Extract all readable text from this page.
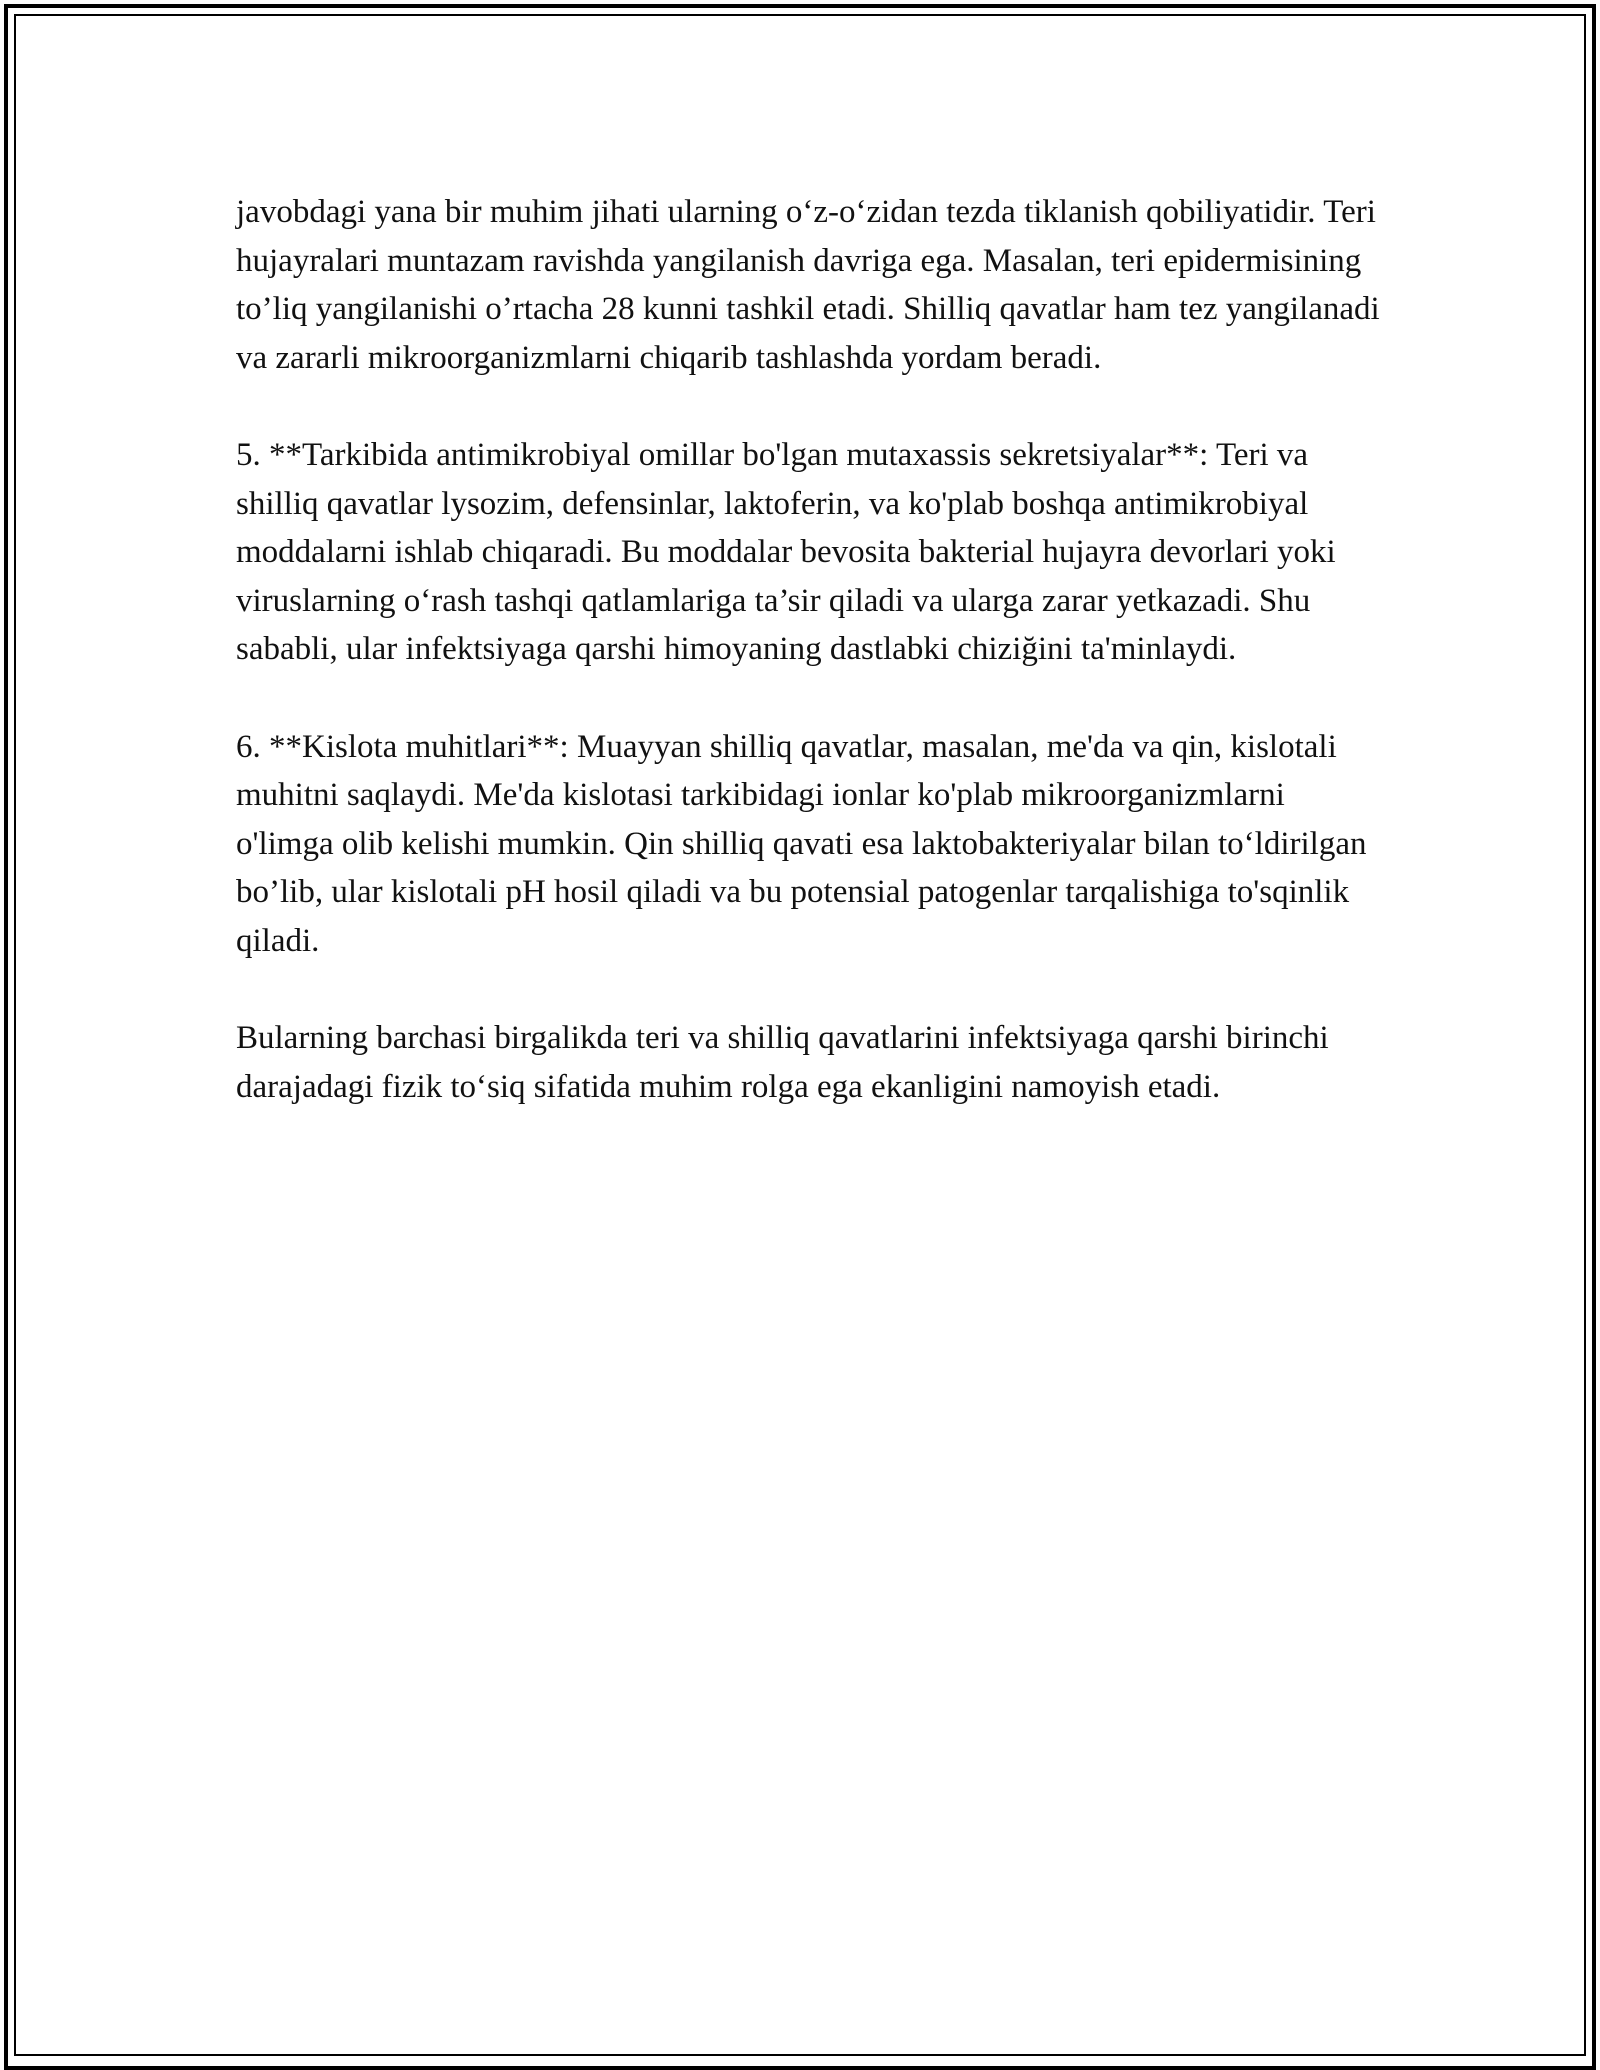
javobdagi yana bir muhim jihati ularning o‘z-o‘zidan tezda tiklanish qobiliyatidir. Teri hujayralari muntazam ravishda yangilanish davriga ega. Masalan, teri epidermisining to’liq yangilanishi o’rtacha 28 kunni tashkil etadi. Shilliq qavatlar ham tez yangilanadi va zararli mikroorganizmlarni chiqarib tashlashda yordam beradi.

5. **Tarkibida antimikrobiyal omillar bo'lgan mutaxassis sekretsiyalar**: Teri va shilliq qavatlar lysozim, defensinlar, laktoferin, va ko'plab boshqa antimikrobiyal moddalarni ishlab chiqaradi. Bu moddalar bevosita bakterial hujayra devorlari yoki viruslarning o‘rash tashqi qatlamlariga ta’sir qiladi va ularga zarar yetkazadi. Shu sababli, ular infektsiyaga qarshi himoyaning dastlabki chiziğini ta'minlaydi.

6. **Kislota muhitlari**: Muayyan shilliq qavatlar, masalan, me'da va qin, kislotali muhitni saqlaydi. Me'da kislotasi tarkibidagi ionlar ko'plab mikroorganizmlarni o'limga olib kelishi mumkin. Qin shilliq qavati esa laktobakteriyalar bilan to‘ldirilgan bo’lib, ular kislotali pH hosil qiladi va bu potensial patogenlar tarqalishiga to'sqinlik qiladi.

Bularning barchasi birgalikda teri va shilliq qavatlarini infektsiyaga qarshi birinchi darajadagi fizik to‘siq sifatida muhim rolga ega ekanligini namoyish etadi.
